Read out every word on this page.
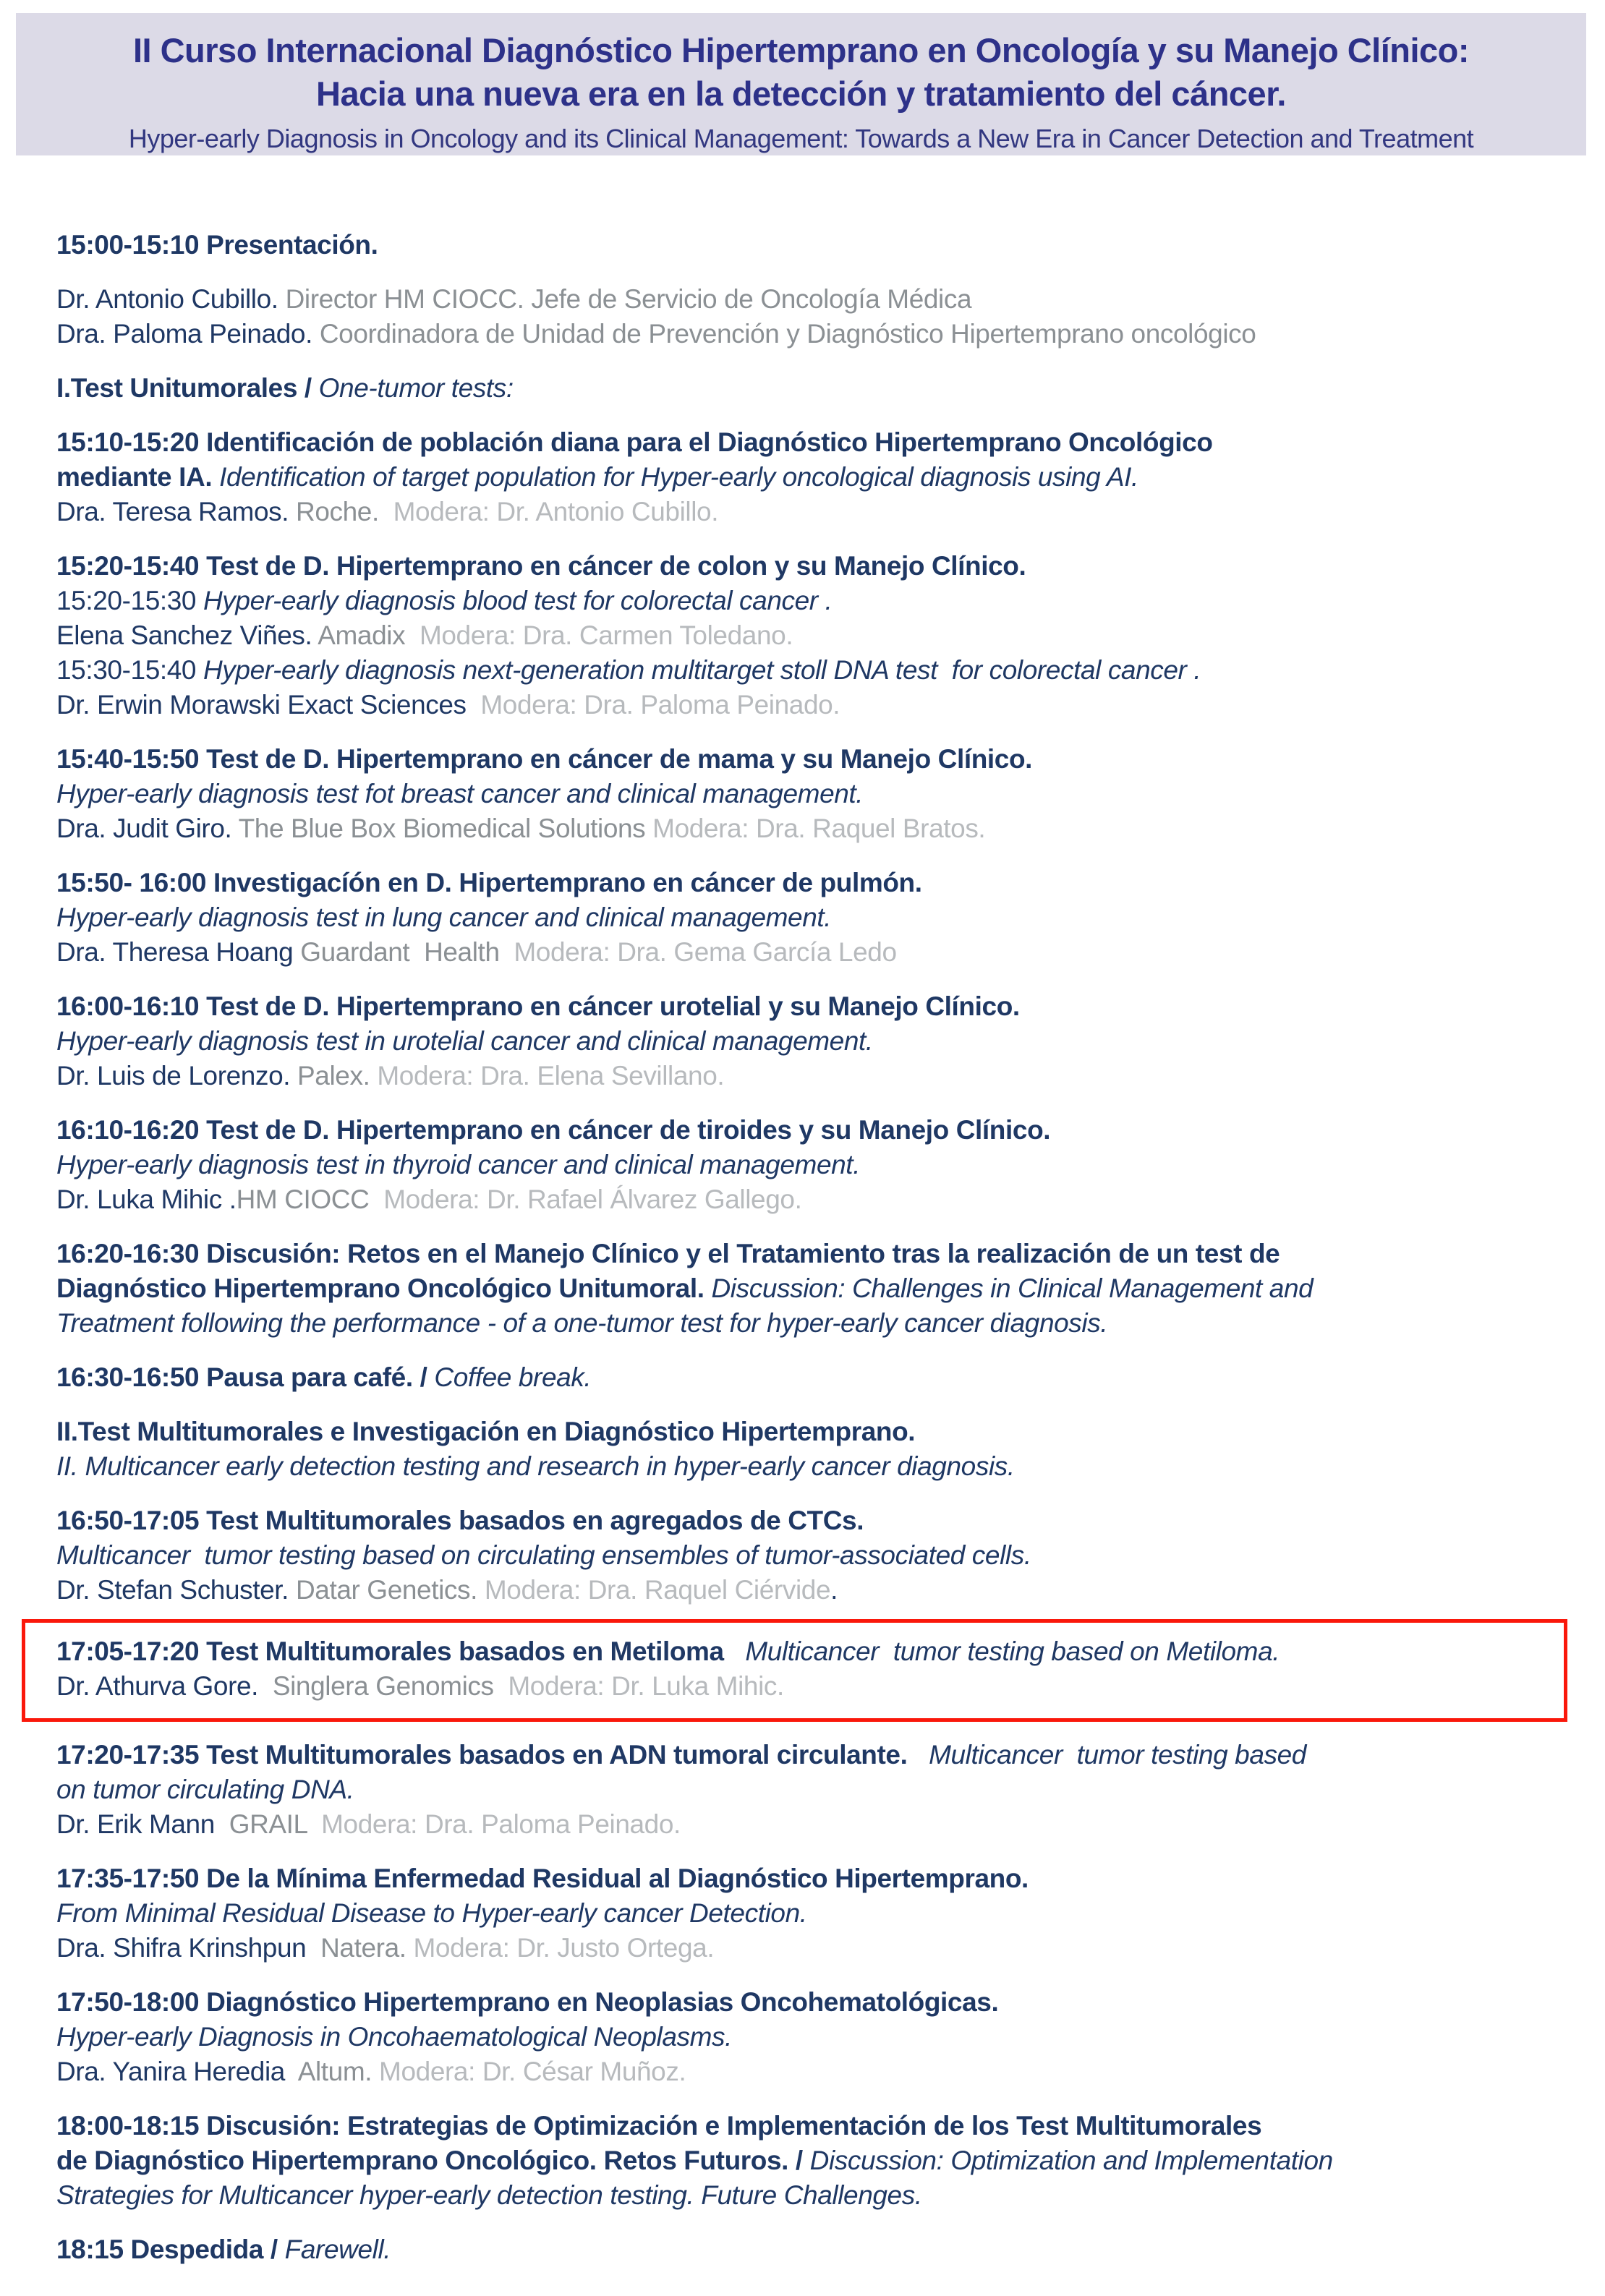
II Curso Internacional Diagnóstico Hipertemprano en Oncología y su Manejo Clínico:
Hacia una nueva era en la detección y tratamiento del cáncer.
Hyper-early Diagnosis in Oncology and its Clinical Management: Towards a New Era in Cancer Detection and Treatment
15:00-15:10 Presentación.
Dr. Antonio Cubillo. Director HM CIOCC. Jefe de Servicio de Oncología Médica
Dra. Paloma Peinado. Coordinadora de Unidad de Prevención y Diagnóstico Hipertemprano oncológico
I.Test Unitumorales / One-tumor tests:
15:10-15:20 Identificación de población diana para el Diagnóstico Hipertemprano Oncológico
mediante IA. Identification of target population for Hyper-early oncological diagnosis using AI.
Dra. Teresa Ramos. Roche.  Modera: Dr. Antonio Cubillo.
15:20-15:40 Test de D. Hipertemprano en cáncer de colon y su Manejo Clínico.
15:20-15:30 Hyper-early diagnosis blood test for colorectal cancer .
Elena Sanchez Viñes. Amadix  Modera: Dra. Carmen Toledano.
15:30-15:40 Hyper-early diagnosis next-generation multitarget stoll DNA test  for colorectal cancer .
Dr. Erwin Morawski Exact Sciences  Modera: Dra. Paloma Peinado.
15:40-15:50 Test de D. Hipertemprano en cáncer de mama y su Manejo Clínico.
Hyper-early diagnosis test fot breast cancer and clinical management.
Dra. Judit Giro. The Blue Box Biomedical Solutions Modera: Dra. Raquel Bratos.
15:50- 16:00 Investigacíón en D. Hipertemprano en cáncer de pulmón.
Hyper-early diagnosis test in lung cancer and clinical management.
Dra. Theresa Hoang Guardant  Health  Modera: Dra. Gema García Ledo
16:00-16:10 Test de D. Hipertemprano en cáncer urotelial y su Manejo Clínico.
Hyper-early diagnosis test in urotelial cancer and clinical management.
Dr. Luis de Lorenzo. Palex. Modera: Dra. Elena Sevillano.
16:10-16:20 Test de D. Hipertemprano en cáncer de tiroides y su Manejo Clínico.
Hyper-early diagnosis test in thyroid cancer and clinical management.
Dr. Luka Mihic .HM CIOCC  Modera: Dr. Rafael Álvarez Gallego.
16:20-16:30 Discusión: Retos en el Manejo Clínico y el Tratamiento tras la realización de un test de
Diagnóstico Hipertemprano Oncológico Unitumoral. Discussion: Challenges in Clinical Management and
Treatment following the performance - of a one-tumor test for hyper-early cancer diagnosis.
16:30-16:50 Pausa para café. / Coffee break.
II.Test Multitumorales e Investigación en Diagnóstico Hipertemprano.
II. Multicancer early detection testing and research in hyper-early cancer diagnosis.
16:50-17:05 Test Multitumorales basados en agregados de CTCs.
Multicancer  tumor testing based on circulating ensembles of tumor-associated cells.
Dr. Stefan Schuster. Datar Genetics. Modera: Dra. Raquel Ciérvide.
17:05-17:20 Test Multitumorales basados en Metiloma   Multicancer  tumor testing based on Metiloma.
Dr. Athurva Gore.  Singlera Genomics  Modera: Dr. Luka Mihic.
17:20-17:35 Test Multitumorales basados en ADN tumoral circulante.   Multicancer  tumor testing based
on tumor circulating DNA.
Dr. Erik Mann  GRAIL  Modera: Dra. Paloma Peinado.
17:35-17:50 De la Mínima Enfermedad Residual al Diagnóstico Hipertemprano.
From Minimal Residual Disease to Hyper-early cancer Detection.
Dra. Shifra Krinshpun  Natera. Modera: Dr. Justo Ortega.
17:50-18:00 Diagnóstico Hipertemprano en Neoplasias Oncohematológicas.
Hyper-early Diagnosis in Oncohaematological Neoplasms.
Dra. Yanira Heredia  Altum. Modera: Dr. César Muñoz.
18:00-18:15 Discusión: Estrategias de Optimización e Implementación de los Test Multitumorales
de Diagnóstico Hipertemprano Oncológico. Retos Futuros. / Discussion: Optimization and Implementation
Strategies for Multicancer hyper-early detection testing. Future Challenges.
18:15 Despedida / Farewell.
